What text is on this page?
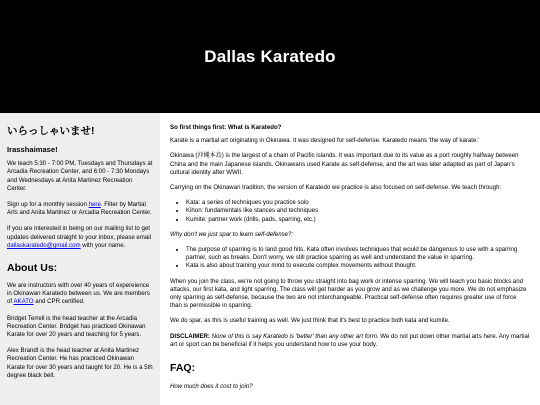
Dallas Karatedo
いらっしゃいませ!
Irasshaimase!

We teach 5:30 - 7:00 PM, Tuesdays and Thursdays at Arcadia Recreation Center, and 6:00 - 7:30 Mondays and Wednesdays at Anita Martinez Recreation Center.

Sign up for a monthly session here. Filter by Martial Arts and Anita Martinez or Arcadia Recreation Center.

If you are interested in being on our mailing list to get updates delivered straight to your inbox, please email dallaskaratedo@gmail.com with your name.

About Us:

We are instructors with over 40 years of expereience in Okinawan Karatedo between us. We are members of AKATO and CPR certified.

Bridget Terrell is the head teacher at the Arcadia Recreation Center. Bridget has practiced Okinawan Karate for over 20 years and teaching for 5 years.

Alex Brandt is the head teacher at Anita Martinez Recreation Center. He has practiced Okinawan Karate for over 30 years and taught for 20. He is a 5th degree black belt.

So first things first: What is Karatedo?

Karate is a martial art originating in Okinawa. It was designed for self-defense. Karatedo means 'the way of karate.'

Okinawa (沖縄本島) is the largest of a chain of Pacific islands. It was important due to its value as a port roughly halfway between China and the main Japanese islands. Okinawans used Karate as self-defense, and the art was later adapted as part of Japan's cultural identity after WWII.

Carrying on the Okinawan tradition, the version of Karatedo we practice is also focused on self-defense. We teach through:

• Kata: a series of techniques you practice solo
• Kihon: fundamentals like stances and techniques
• Kumite: partner work (drills, pads, sparring, etc.)

Why don't we just spar to learn self-defense?:

• The purpose of sparring is to land good hits. Kata often involves techniques that would be dangerous to use with a sparring partner, such as breaks. Don't worry, we still practice sparring as well and understand the value in sparring.
• Kata is also about training your mind to execute complex movements without thought.

When you join the class, we're not going to throw you straight into bag work or intense sparring. We will teach you basic blocks and attacks, our first kata, and light sparring. The class will get harder as you grow and as we challenge you more. We do not emphasize only sparring as self-defense, because the two are not interchangeable. Practical self-defense often requires greater use of force than is permissible in sparring.

We do spar, as this is useful training as well. We just think that it's best to practice both kata and kumite.

DISCLAIMER: None of this is say Karatedo is 'better' than any other art form. We do not put down other martial arts here. Any martial art or sport can be beneficial if it helps you understand how to use your body.

FAQ:

How much does it cost to join?
